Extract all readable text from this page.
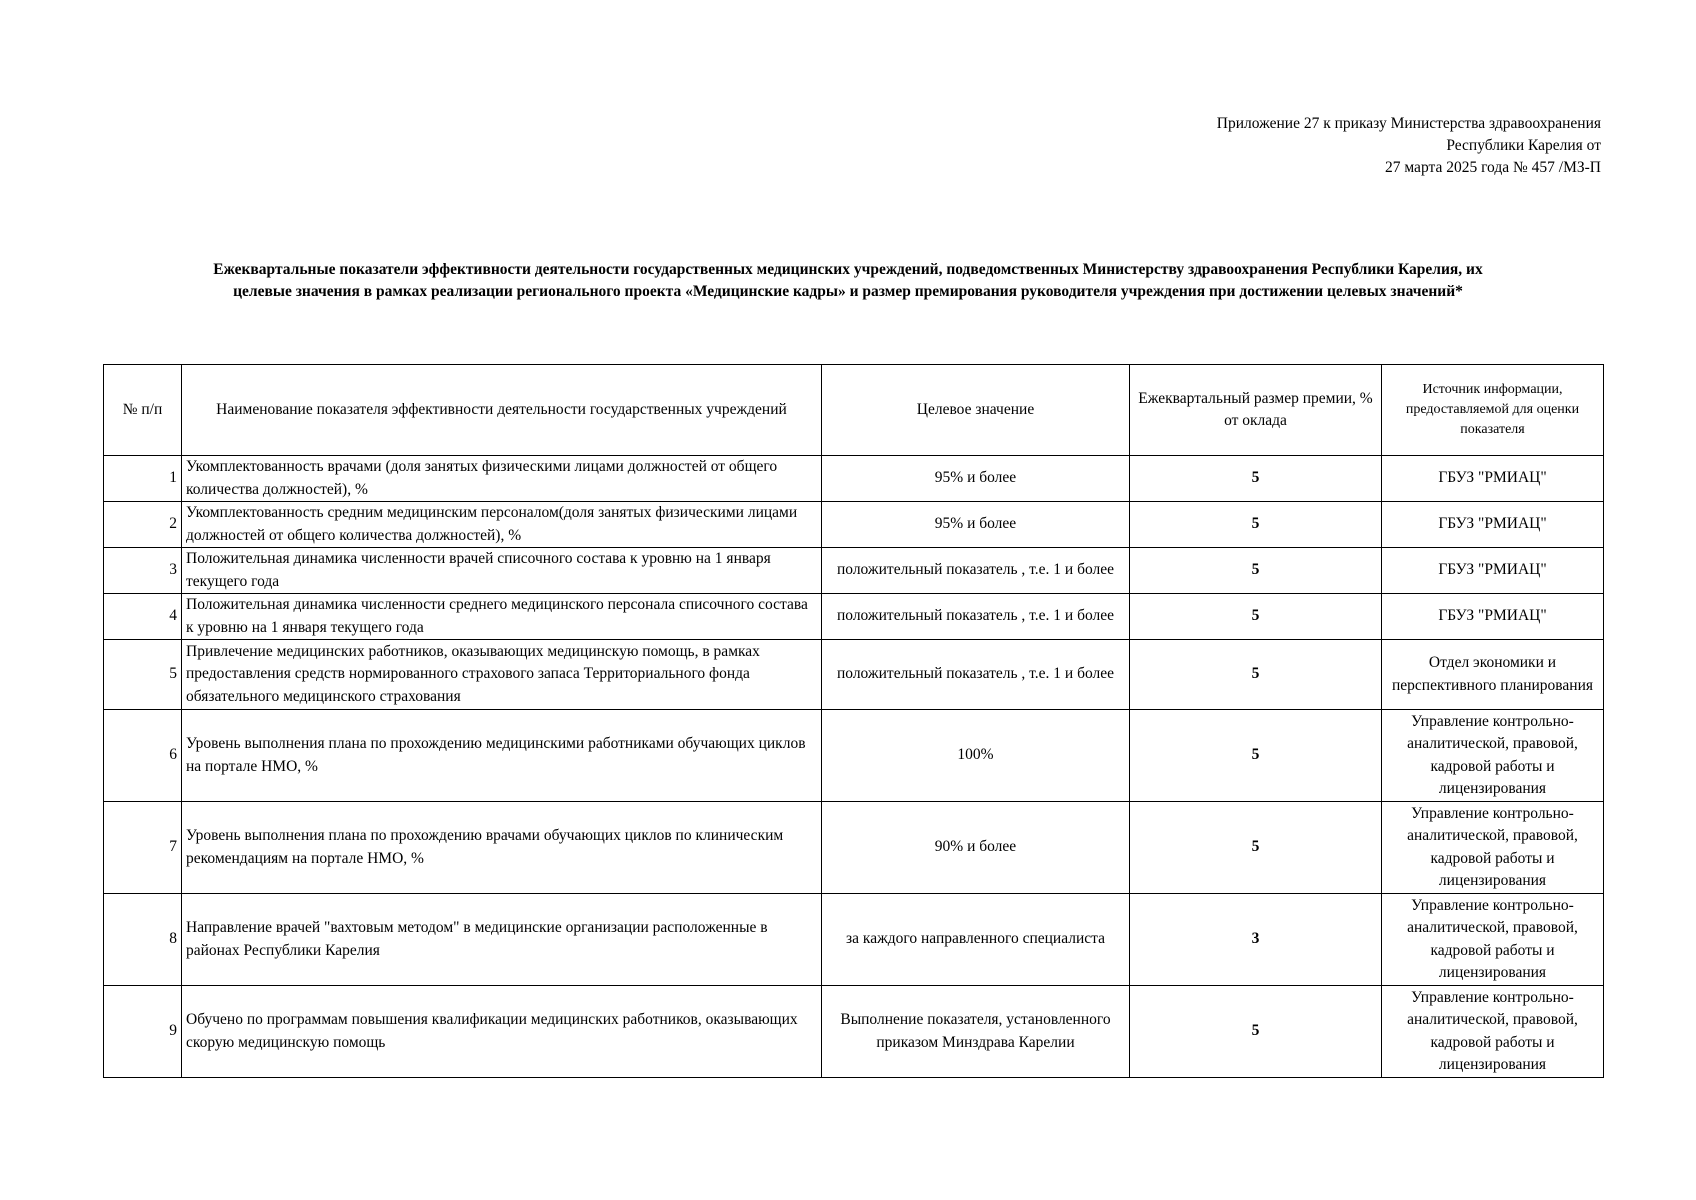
Приложение 27 к приказу Министерства здравоохранения
Республики Карелия от
27 марта 2025 года № 457 /МЗ-П
Ежеквартальные показатели эффективности деятельности государственных медицинских учреждений, подведомственных Министерству здравоохранения Республики Карелия, их
целевые значения в рамках реализации регионального проекта «Медицинские кадры» и размер премирования руководителя учреждения при достижении целевых значений*
№ п/п	Наименование показателя эффективности деятельности государственных учреждений	Целевое значение	Ежеквартальный размер премии, % от оклада	Источник информации, предоставляемой для оценки показателя
1	Укомплектованность врачами (доля занятых физическими лицами должностей от общего количества должностей), %	95% и более	5	ГБУЗ "РМИАЦ"
2	Укомплектованность средним медицинским персоналом(доля занятых физическими лицами должностей от общего количества должностей), %	95% и более	5	ГБУЗ "РМИАЦ"
3	Положительная динамика численности врачей списочного состава к уровню на 1 января текущего года	положительный показатель , т.е. 1 и более	5	ГБУЗ "РМИАЦ"
4	Положительная динамика численности среднего медицинского персонала списочного состава к уровню на 1 января текущего года	положительный показатель , т.е. 1 и более	5	ГБУЗ "РМИАЦ"
5	Привлечение медицинских работников, оказывающих медицинскую помощь, в рамках предоставления средств нормированного страхового запаса Территориального фонда обязательного медицинского страхования	положительный показатель , т.е. 1 и более	5	Отдел экономики и перспективного планирования
6	Уровень выполнения плана по прохождению медицинскими работниками обучающих циклов на портале НМО, %	100%	5	Управление контрольно-аналитической, правовой, кадровой работы и лицензирования
7	Уровень выполнения плана по прохождению врачами обучающих циклов по клиническим рекомендациям на портале НМО, %	90% и более	5	Управление контрольно-аналитической, правовой, кадровой работы и лицензирования
8	Направление врачей "вахтовым методом" в медицинские организации расположенные в районах Республики Карелия	за каждого направленного специалиста	3	Управление контрольно-аналитической, правовой, кадровой работы и лицензирования
9	Обучено по программам повышения квалификации медицинских работников, оказывающих скорую медицинскую помощь	Выполнение показателя, установленного приказом Минздрава Карелии	5	Управление контрольно-аналитической, правовой, кадровой работы и лицензирования
